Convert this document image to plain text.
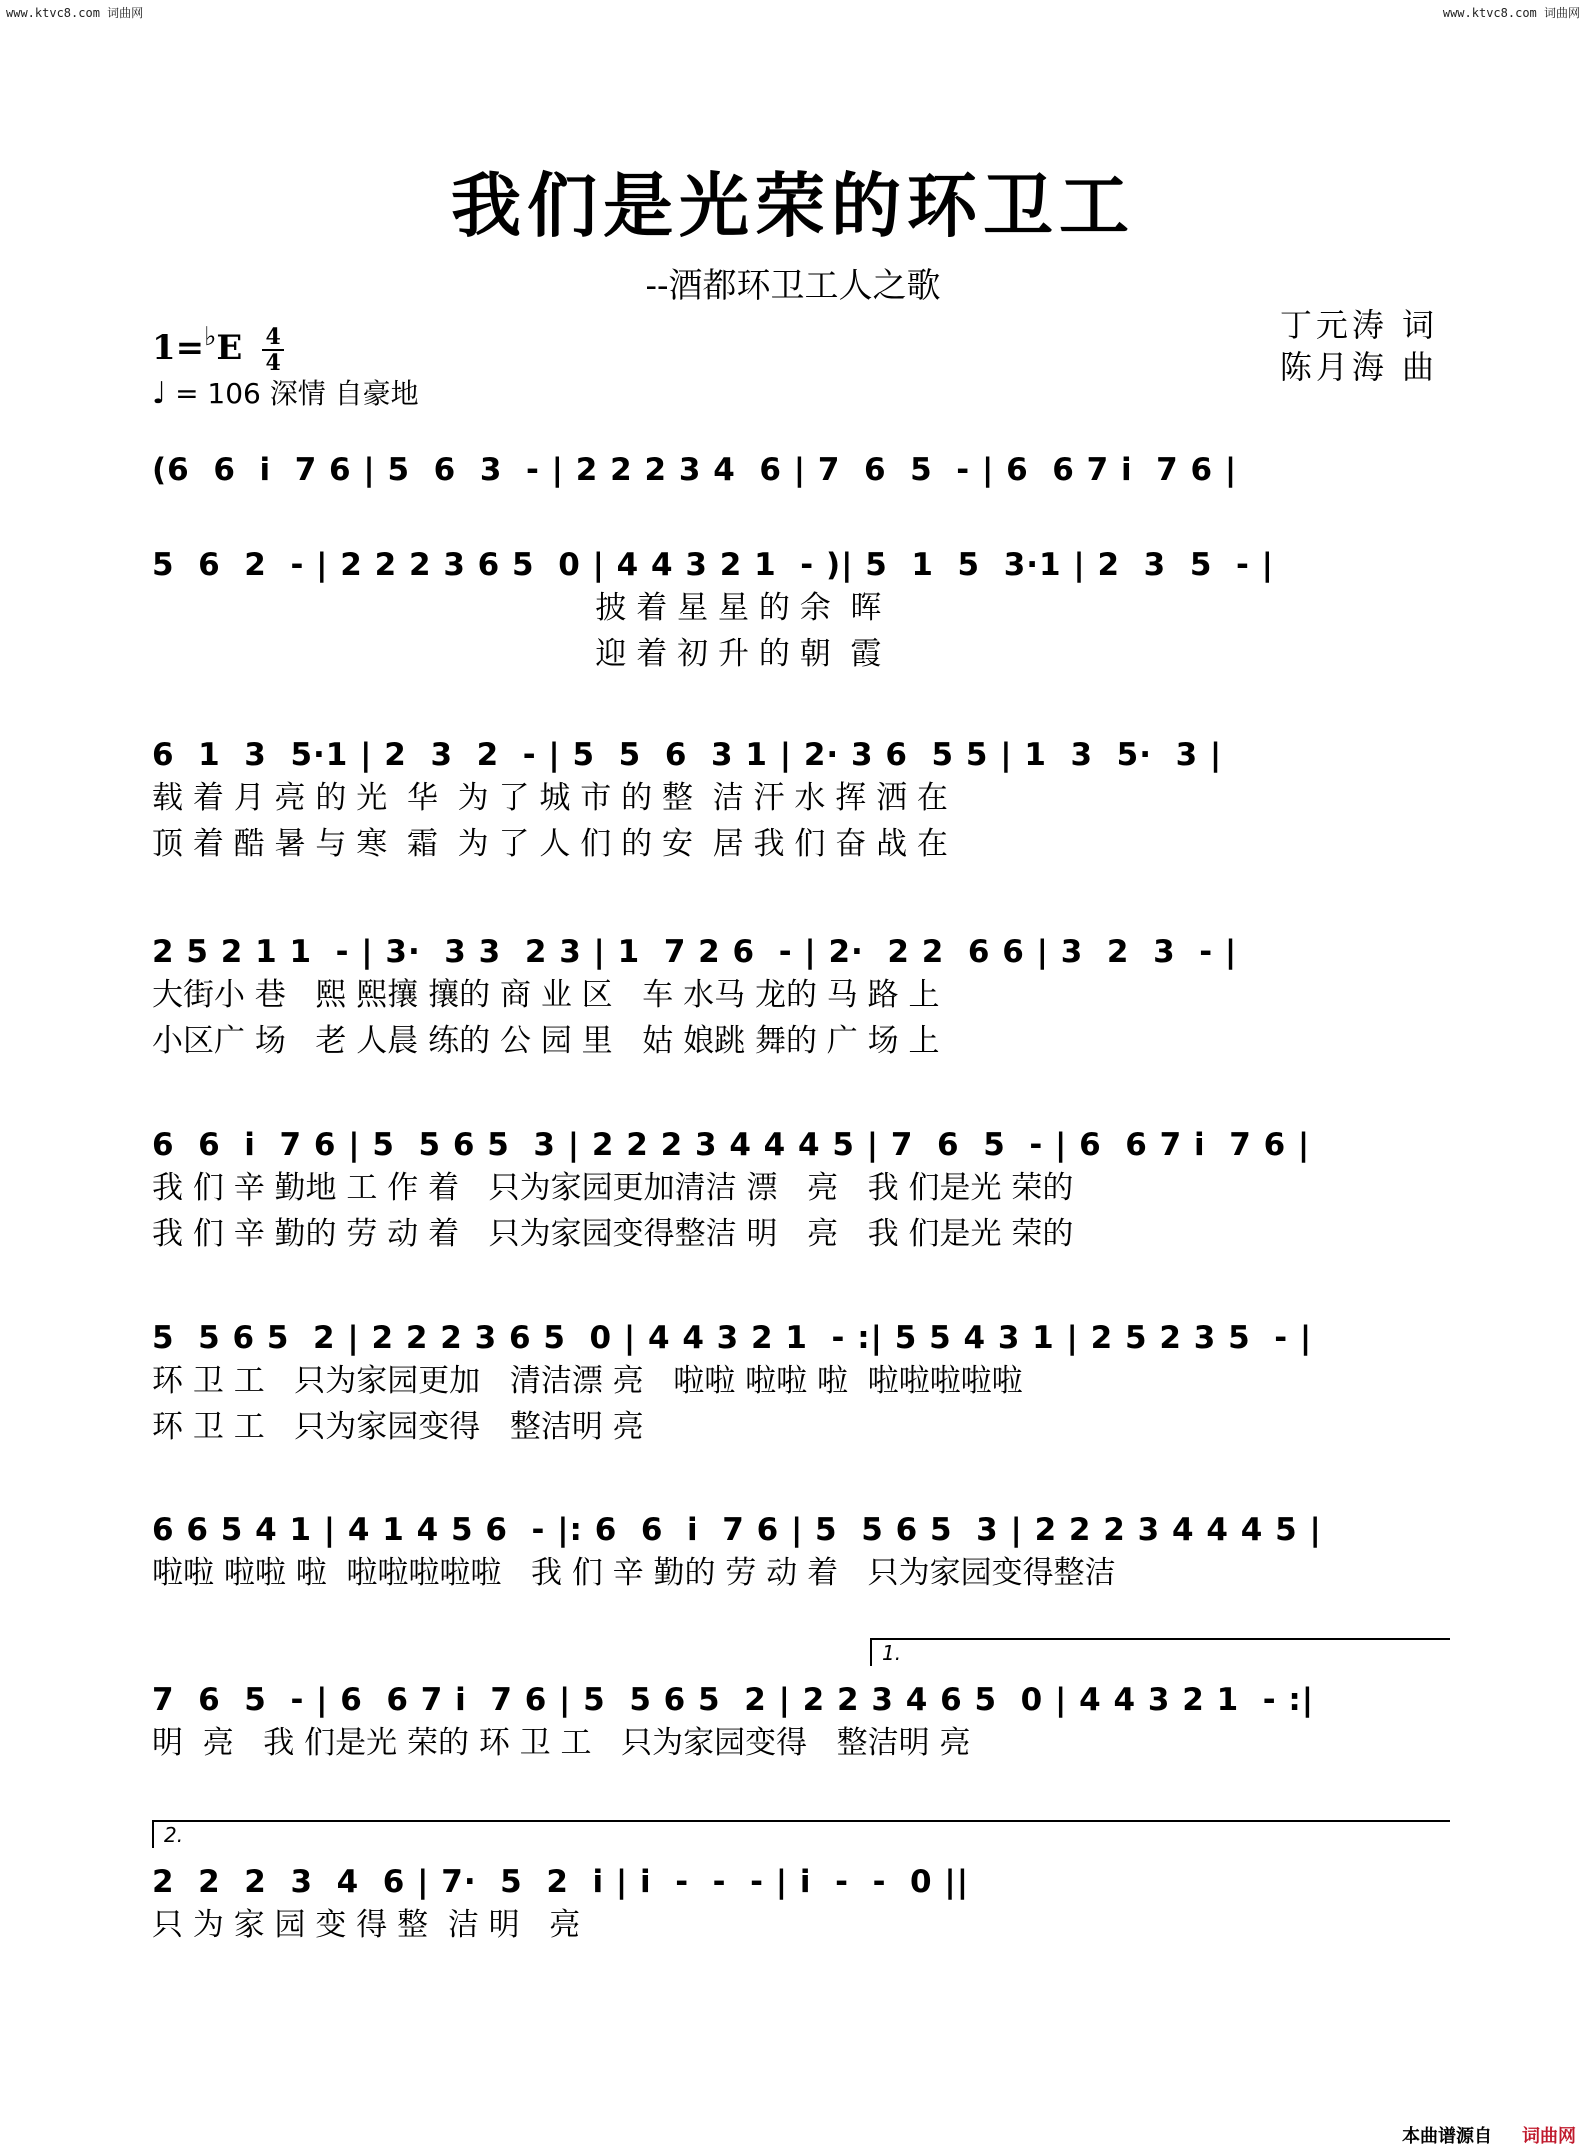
www.ktvc8.com 词曲网	www.ktvc8.com 词曲网
我们是光荣的环卫工
--酒都环卫工人之歌
丁元涛 词
陈月海 曲
$1=^♭E \frac{4}{4}$
♩ = 106 深情 自豪地
(6  6  i  7 6 | 5  6  3  - | 2 2 2 3 4  6 | 7  6  5  - | 6  6 7 i  7 6 |
5  6  2  - | 2 2 2 3 6 5  0 | 4 4 3 2 1  - )| 5  1  5  3·1 | 2  3  5  - |
披 着 星 星 的 余  晖
迎 着 初 升 的 朝  霞
6  1  3  5·1 | 2  3  2  - | 5  5  6  3 1 | 2· 3 6  5 5 | 1  3  5·  3 |
载 着 月 亮 的 光  华  为 了 城 市 的 整  洁 汗 水 挥 洒 在
顶 着 酷 暑 与 寒  霜  为 了 人 们 的 安  居 我 们 奋 战 在
2 5 2 1 1  - | 3·  3 3  2 3 | 1  7 2 6  - | 2·  2 2  6 6 | 3  2  3  - |
大街小 巷   熙 熙攘 攘的 商 业 区   车 水马 龙的 马 路 上
小区广 场   老 人晨 练的 公 园 里   姑 娘跳 舞的 广 场 上
6  6  i  7 6 | 5  5 6 5  3 | 2 2 2 3 4 4 4 5 | 7  6  5  - | 6  6 7 i  7 6 |
我 们 辛 勤地 工 作 着   只为家园更加清洁 漂   亮   我 们是光 荣的
我 们 辛 勤的 劳 动 着   只为家园变得整洁 明   亮   我 们是光 荣的
5  5 6 5  2 | 2 2 2 3 6 5  0 | 4 4 3 2 1  - :| 5 5 4 3 1 | 2 5 2 3 5  - |
环 卫 工   只为家园更加   清洁漂 亮   啦啦 啦啦 啦  啦啦啦啦啦
环 卫 工   只为家园变得   整洁明 亮
6 6 5 4 1 | 4 1 4 5 6  - |: 6  6  i  7 6 | 5  5 6 5  3 | 2 2 2 3 4 4 4 5 |
啦啦 啦啦 啦  啦啦啦啦啦   我 们 辛 勤的 劳 动 着   只为家园变得整洁
1.
7  6  5  - | 6  6 7 i  7 6 | 5  5 6 5  2 | 2 2 3 4 6 5  0 | 4 4 3 2 1  - :|
明  亮   我 们是光 荣的 环 卫 工   只为家园变得   整洁明 亮
2.
2  2  2  3  4  6 | 7·  5  2  i | i  -  -  - | i  -  -  0 ||
只 为 家 园 变 得 整  洁 明   亮
本曲谱源自 词曲网
